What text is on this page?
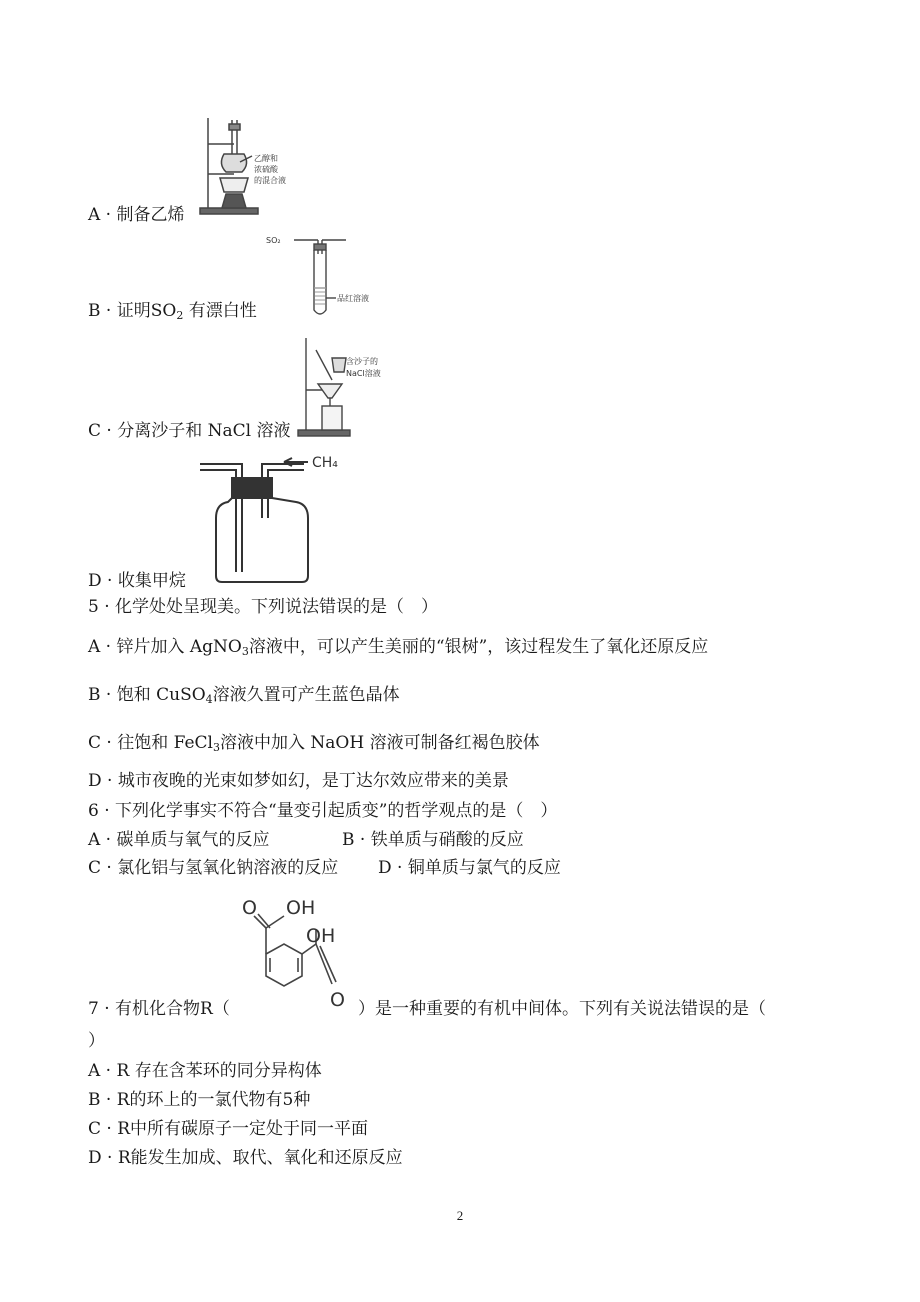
乙醇和
浓硫酸
的混合液
A · 制备乙烯
SO₂
品红溶液
B · 证明$SO_2$ 有漂白性
含沙子的
NaCl溶液
C · 分离沙子和 NaCl 溶液
CH₄
D · 收集甲烷
5 · 化学处处呈现美。下列说法错误的是（　）
A · 锌片加入 AgNO$_3$溶液中，可以产生美丽的“银树”，该过程发生了氧化还原反应
B · 饱和 CuSO$_4$溶液久置可产生蓝色晶体
C · 往饱和 FeCl$_3$溶液中加入 NaOH 溶液可制备红褐色胶体
D · 城市夜晚的光束如梦如幻，是丁达尔效应带来的美景
6 · 下列化学事实不符合“量变引起质变”的哲学观点的是（　）
A · 碳单质与氧气的反应	B · 铁单质与硝酸的反应
C · 氯化铝与氢氧化钠溶液的反应 D · 铜单质与氯气的反应
O OH
OH
O
7 · 有机化合物R（	）是一种重要的有机中间体。下列有关说法错误的是（
）
A · R 存在含苯环的同分异构体
B · R的环上的一氯代物有5种
C · R中所有碳原子一定处于同一平面
D · R能发生加成、取代、氧化和还原反应
2
